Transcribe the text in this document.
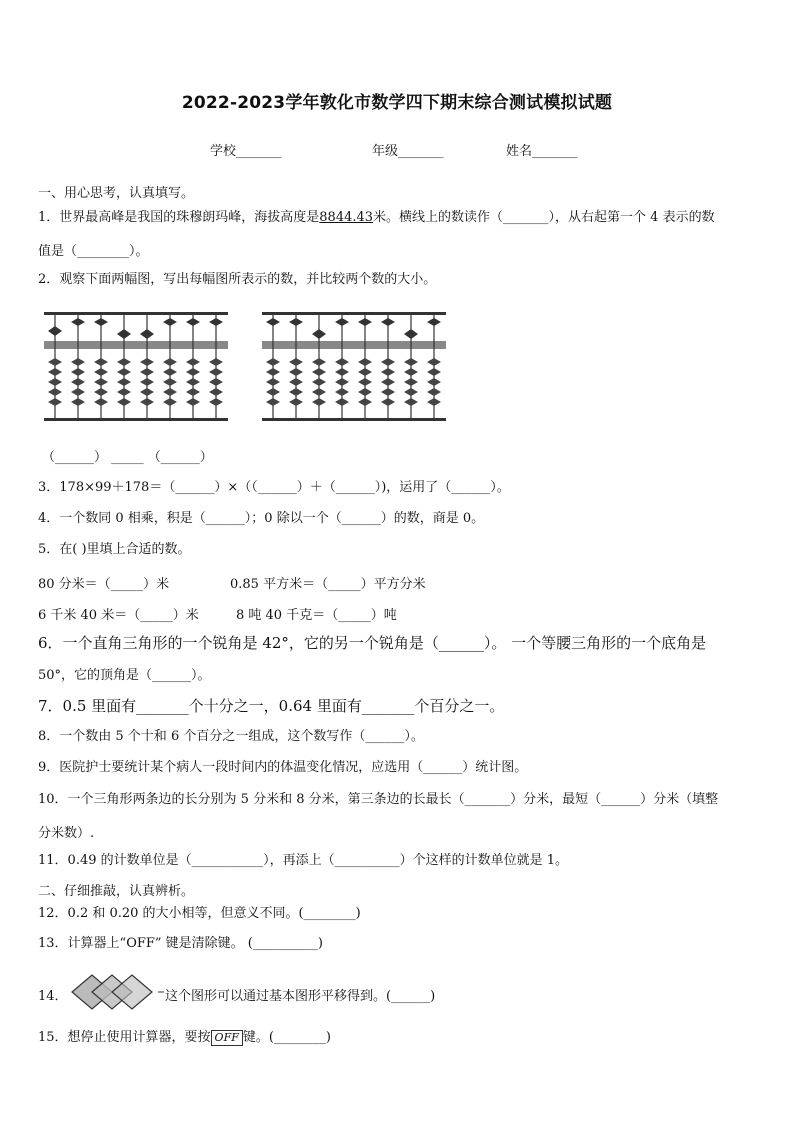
2022-2023学年敦化市数学四下期末综合测试模拟试题
学校_______	年级_______	姓名_______
一、用心思考，认真填写。
1．世界最高峰是我国的珠穆朗玛峰，海拔高度是8844.43米。横线上的数读作（_______），从右起第一个 4 表示的数
值是（________）。
2．观察下面两幅图，写出每幅图所表示的数，并比较两个数的大小。
（______） _____ （______）
3．178×99＋178＝（______）×（（______）＋（______）)，运用了（______）。
4．一个数同 0 相乘，积是（______）；0 除以一个（______）的数，商是 0。
5．在( )里填上合适的数。
80 分米＝（_____）米	0.85 平方米＝（_____）平方分米
6 千米 40 米＝（_____）米	8 吨 40 千克＝（_____）吨
6．一个直角三角形的一个锐角是 42°，它的另一个锐角是（______）。 一个等腰三角形的一个底角是
50°，它的顶角是（______）。
7．0.5 里面有_______个十分之一，0.64 里面有_______个百分之一。
8．一个数由 5 个十和 6 个百分之一组成，这个数写作（______）。
9．医院护士要统计某个病人一段时间内的体温变化情况，应选用（______）统计图。
10．一个三角形两条边的长分别为 5 分米和 8 分米，第三条边的长最长（_______）分米，最短（______）分米（填整
分米数）.
11．0.49 的计数单位是（___________），再添上（__________）个这样的计数单位就是 1。
二、仔细推敲，认真辨析。
12．0.2 和 0.20 的大小相等，但意义不同。(________)
13．计算器上“OFF” 键是清除键。 (__________)
14．	这个图形可以通过基本图形平移得到。(______)
15．想停止使用计算器，要按 OFF 键。(________)
